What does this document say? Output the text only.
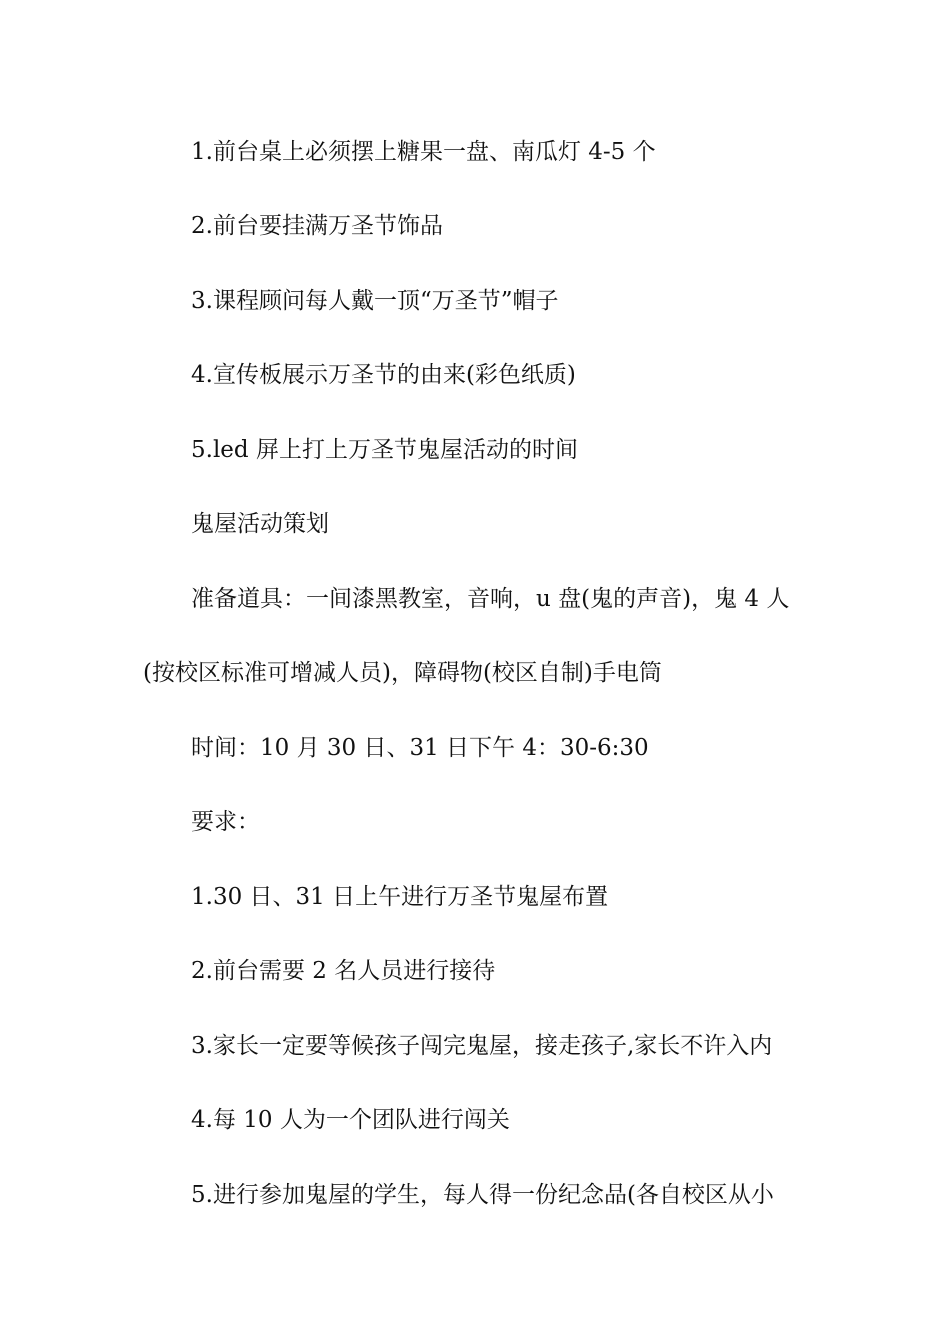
1.前台桌上必须摆上糖果一盘、南瓜灯 4-5 个
2.前台要挂满万圣节饰品
3.课程顾问每人戴一顶“万圣节”帽子
4.宣传板展示万圣节的由来(彩色纸质)
5.led 屏上打上万圣节鬼屋活动的时间
鬼屋活动策划
准备道具：一间漆黑教室，音响，u 盘(鬼的声音)，鬼 4 人
(按校区标准可增减人员)，障碍物(校区自制)手电筒
时间：10 月 30 日、31 日下午 4：30-6:30
要求：
1.30 日、31 日上午进行万圣节鬼屋布置
2.前台需要 2 名人员进行接待
3.家长一定要等候孩子闯完鬼屋，接走孩子,家长不许入内
4.每 10 人为一个团队进行闯关
5.进行参加鬼屋的学生，每人得一份纪念品(各自校区从小
